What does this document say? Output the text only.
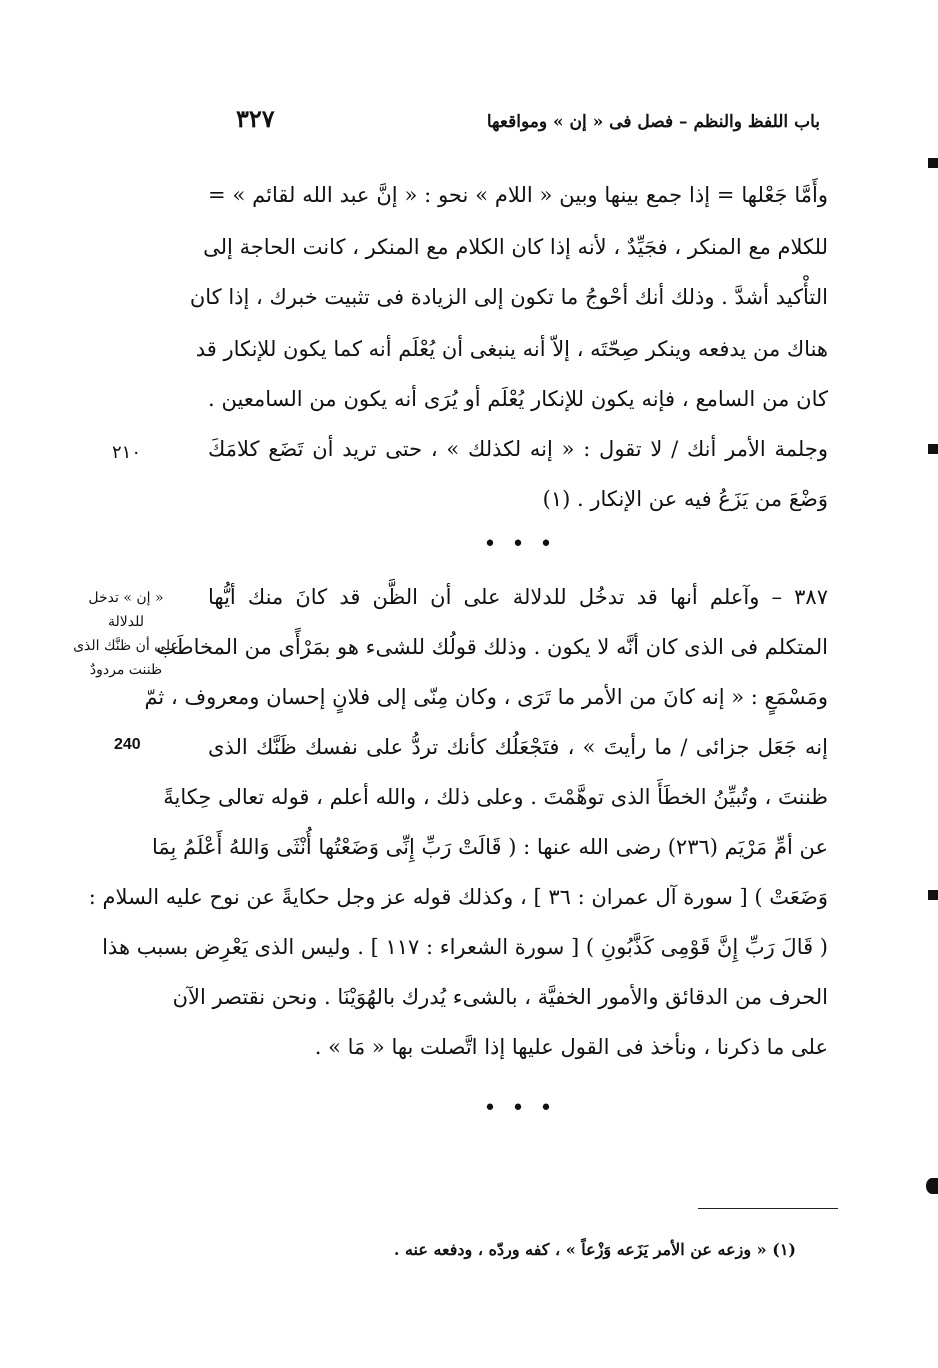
باب اللفظ والنظم – فصل فى « إن » ومواقعها
٣٢٧
وأَمَّا جَعْلها = إذا جمع بينها وبين « اللام » نحو : « إنَّ عبد الله لقائم » =
للكلام مع المنكر ، فجَيِّدٌ ، لأنه إذا كان الكلام مع المنكر ، كانت الحاجة إلى
التأْكيد أشدَّ . وذلك أنك أحْوجُ ما تكون إلى الزيادة فى تثبيت خبرك ، إذا كان
هناك من يدفعه وينكر صِحّتَه ، إلاّ أنه ينبغى أن يُعْلَم أنه كما يكون للإنكار قد
كان من السامع ، فإنه يكون للإنكار يُعْلَم أو يُرَى أنه يكون من السامعين .
وجلمة الأمر أنك / لا تقول : « إنه لكذلك » ، حتى تريد أن تَضَع كلامَكَ
وَضْعَ من يَزَعُ فيه عن الإنكار . (١)
٢١٠
• • •
٣٨٧ – وآعلم أنها قد تدخُل للدلالة على أن الظَّن قد كانَ منك أيُّها
المتكلم فى الذى كان أنَّه لا يكون . وذلك قولُك للشىء هو بمَرْأًى من المخاطَب
ومَسْمَعٍ : « إنه كانَ من الأمر ما تَرَى ، وكان مِنّى إلى فلانٍ إحسان ومعروف ، ثمّ
إنه جَعَل جزائى / ما رأيتَ » ، فتَجْعَلُك كأنك تردُّ على نفسك ظَنَّك الذى
ظننتَ ، وتُبيِّنُ الخطَأَ الذى توهَّمْتَ . وعلى ذلك ، والله أعلم ، قوله تعالى حِكايةً
عن أمِّ مَرْيَم (٢٣٦) رضى الله عنها : ( قَالَتْ رَبِّ إِنِّى وَضَعْتُها أُنْثَى وَاللهُ أَعْلَمُ بِمَا
وَضَعَتْ ) [ سورة آل عمران : ٣٦ ] ، وكذلك قوله عز وجل حكايةً عن نوح عليه السلام :
( قَالَ رَبِّ إِنَّ قَوْمِى كَذَّبُونِ ) [ سورة الشعراء : ١١٧ ] . وليس الذى يَعْرِض بسبب هذا
الحرف من الدقائق والأمور الخفيَّة ، بالشىء يُدرك بالهُوَيْنَا . ونحن نقتصر الآن
على ما ذكرنا ، ونأخذ فى القول عليها إذا اتَّصلت بها « مَا » .
« إن » تدخل للدلالة
على أن ظنَّك الذى
ظننت مردودٌ
240
• • •
(١) « وزعه عن الأمر يَزَعه وَزْعاً » ، كفه وردّه ، ودفعه عنه .
